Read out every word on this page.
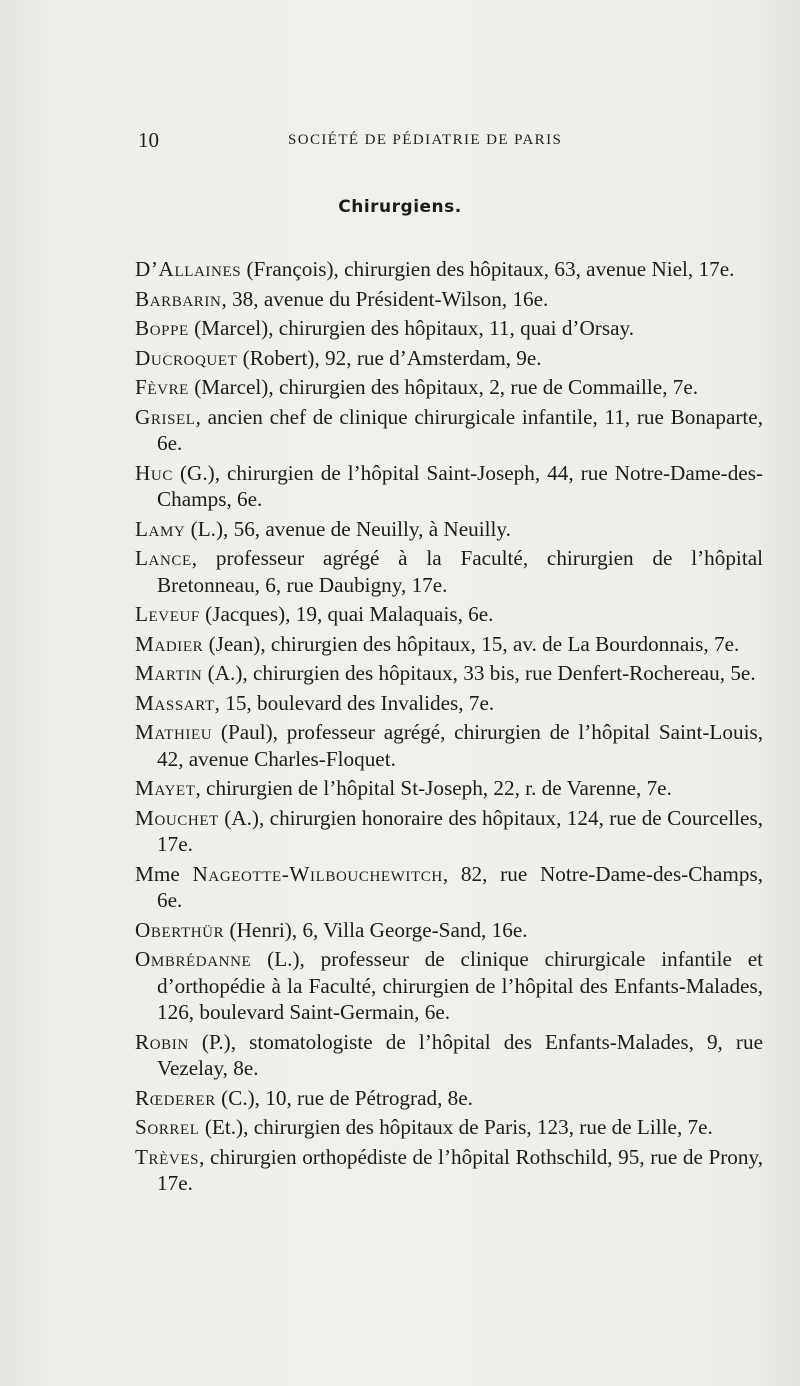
10	SOCIÉTÉ DE PÉDIATRIE DE PARIS
Chirurgiens.

D’Allaines (François), chirurgien des hôpitaux, 63, avenue Niel, 17e.

Barbarin, 38, avenue du Président-Wilson, 16e.

Boppe (Marcel), chirurgien des hôpitaux, 11, quai d’Orsay.

Ducroquet (Robert), 92, rue d’Amsterdam, 9e.

Fèvre (Marcel), chirurgien des hôpitaux, 2, rue de Commaille, 7e.

Grisel, ancien chef de clinique chirurgicale infantile, 11, rue Bonaparte, 6e.

Huc (G.), chirurgien de l’hôpital Saint-Joseph, 44, rue Notre-Dame-des-Champs, 6e.

Lamy (L.), 56, avenue de Neuilly, à Neuilly.

Lance, professeur agrégé à la Faculté, chirurgien de l’hôpital Bretonneau, 6, rue Daubigny, 17e.

Leveuf (Jacques), 19, quai Malaquais, 6e.

Madier (Jean), chirurgien des hôpitaux, 15, av. de La Bourdonnais, 7e.

Martin (A.), chirurgien des hôpitaux, 33 bis, rue Denfert-Rochereau, 5e.

Massart, 15, boulevard des Invalides, 7e.

Mathieu (Paul), professeur agrégé, chirurgien de l’hôpital Saint-Louis, 42, avenue Charles-Floquet.

Mayet, chirurgien de l’hôpital St-Joseph, 22, r. de Varenne, 7e.

Mouchet (A.), chirurgien honoraire des hôpitaux, 124, rue de Courcelles, 17e.

Mme Nageotte-Wilbouchewitch, 82, rue Notre-Dame-des-Champs, 6e.

Oberthür (Henri), 6, Villa George-Sand, 16e.

Ombrédanne (L.), professeur de clinique chirurgicale infantile et d’orthopédie à la Faculté, chirurgien de l’hôpital des Enfants-Malades, 126, boulevard Saint-Germain, 6e.

Robin (P.), stomatologiste de l’hôpital des Enfants-Malades, 9, rue Vezelay, 8e.

Rœderer (C.), 10, rue de Pétrograd, 8e.

Sorrel (Et.), chirurgien des hôpitaux de Paris, 123, rue de Lille, 7e.

Trèves, chirurgien orthopédiste de l’hôpital Rothschild, 95, rue de Prony, 17e.
